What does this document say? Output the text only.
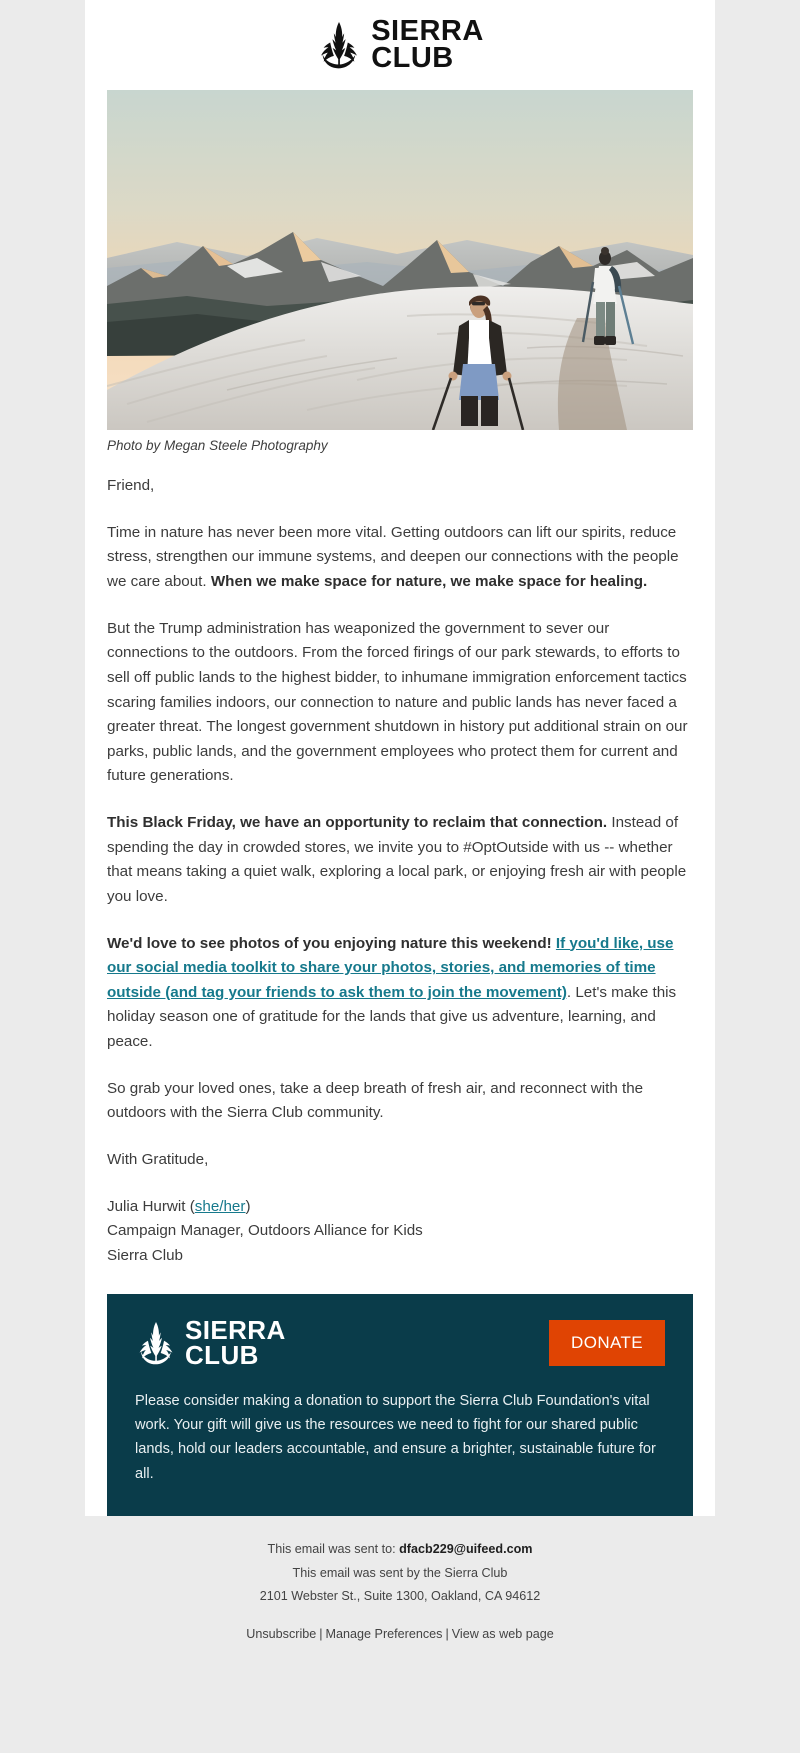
SIERRA
CLUB
Photo by Megan Steele Photography

Friend,

Time in nature has never been more vital. Getting outdoors can lift our spirits, reduce stress, strengthen our immune systems, and deepen our connections with the people we care about. When we make space for nature, we make space for healing.

But the Trump administration has weaponized the government to sever our connections to the outdoors. From the forced firings of our park stewards, to efforts to sell off public lands to the highest bidder, to inhumane immigration enforcement tactics scaring families indoors, our connection to nature and public lands has never faced a greater threat. The longest government shutdown in history put additional strain on our parks, public lands, and the government employees who protect them for current and future generations.

This Black Friday, we have an opportunity to reclaim that connection. Instead of spending the day in crowded stores, we invite you to #OptOutside with us -- whether that means taking a quiet walk, exploring a local park, or enjoying fresh air with people you love.

We'd love to see photos of you enjoying nature this weekend! If you'd like, use our social media toolkit to share your photos, stories, and memories of time outside (and tag your friends to ask them to join the movement). Let's make this holiday season one of gratitude for the lands that give us adventure, learning, and peace.

So grab your loved ones, take a deep breath of fresh air, and reconnect with the outdoors with the Sierra Club community.

With Gratitude,

Julia Hurwit (she/her)
Campaign Manager, Outdoors Alliance for Kids
Sierra Club

SIERRA
CLUB	DONATE

Please consider making a donation to support the Sierra Club Foundation's vital work. Your gift will give us the resources we need to fight for our shared public lands, hold our leaders accountable, and ensure a brighter, sustainable future for all.

This email was sent to: dfacb229@uifeed.com

This email was sent by the Sierra Club

2101 Webster St., Suite 1300, Oakland, CA 94612

Unsubscribe | Manage Preferences | View as web page
